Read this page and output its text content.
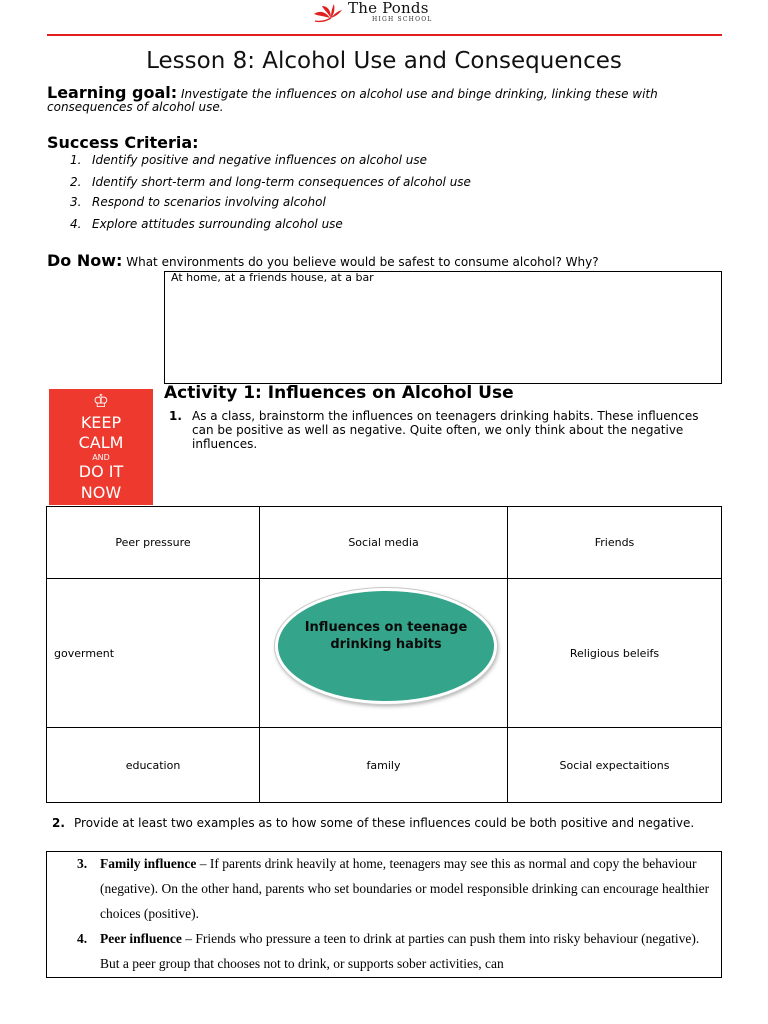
The Ponds
HIGH SCHOOL
Lesson 8: Alcohol Use and Consequences
Learning goal: Investigate the influences on alcohol use and binge drinking, linking these with consequences of alcohol use.
Success Criteria:
1. Identify positive and negative influences on alcohol use
2. Identify short-term and long-term consequences of alcohol use
3. Respond to scenarios involving alcohol
4. Explore attitudes surrounding alcohol use
Do Now: What environments do you believe would be safest to consume alcohol? Why?
At home, at a friends house, at a bar
♔
KEEP
CALM
AND
DO IT
NOW
Activity 1: Influences on Alcohol Use
1. As a class, brainstorm the influences on teenagers drinking habits. These influences can be positive as well as negative. Quite often, we only think about the negative influences.
Peer pressure	Social media	Friends
goverment		Religious beleifs
education	family	Social expectaitions
Influences on teenage drinking habits
2. Provide at least two examples as to how some of these influences could be both positive and negative.
3. Family influence – If parents drink heavily at home, teenagers may see this as normal and copy the behaviour (negative). On the other hand, parents who set boundaries or model responsible drinking can encourage healthier choices (positive).
4. Peer influence – Friends who pressure a teen to drink at parties can push them into risky behaviour (negative). But a peer group that chooses not to drink, or supports sober activities, can
